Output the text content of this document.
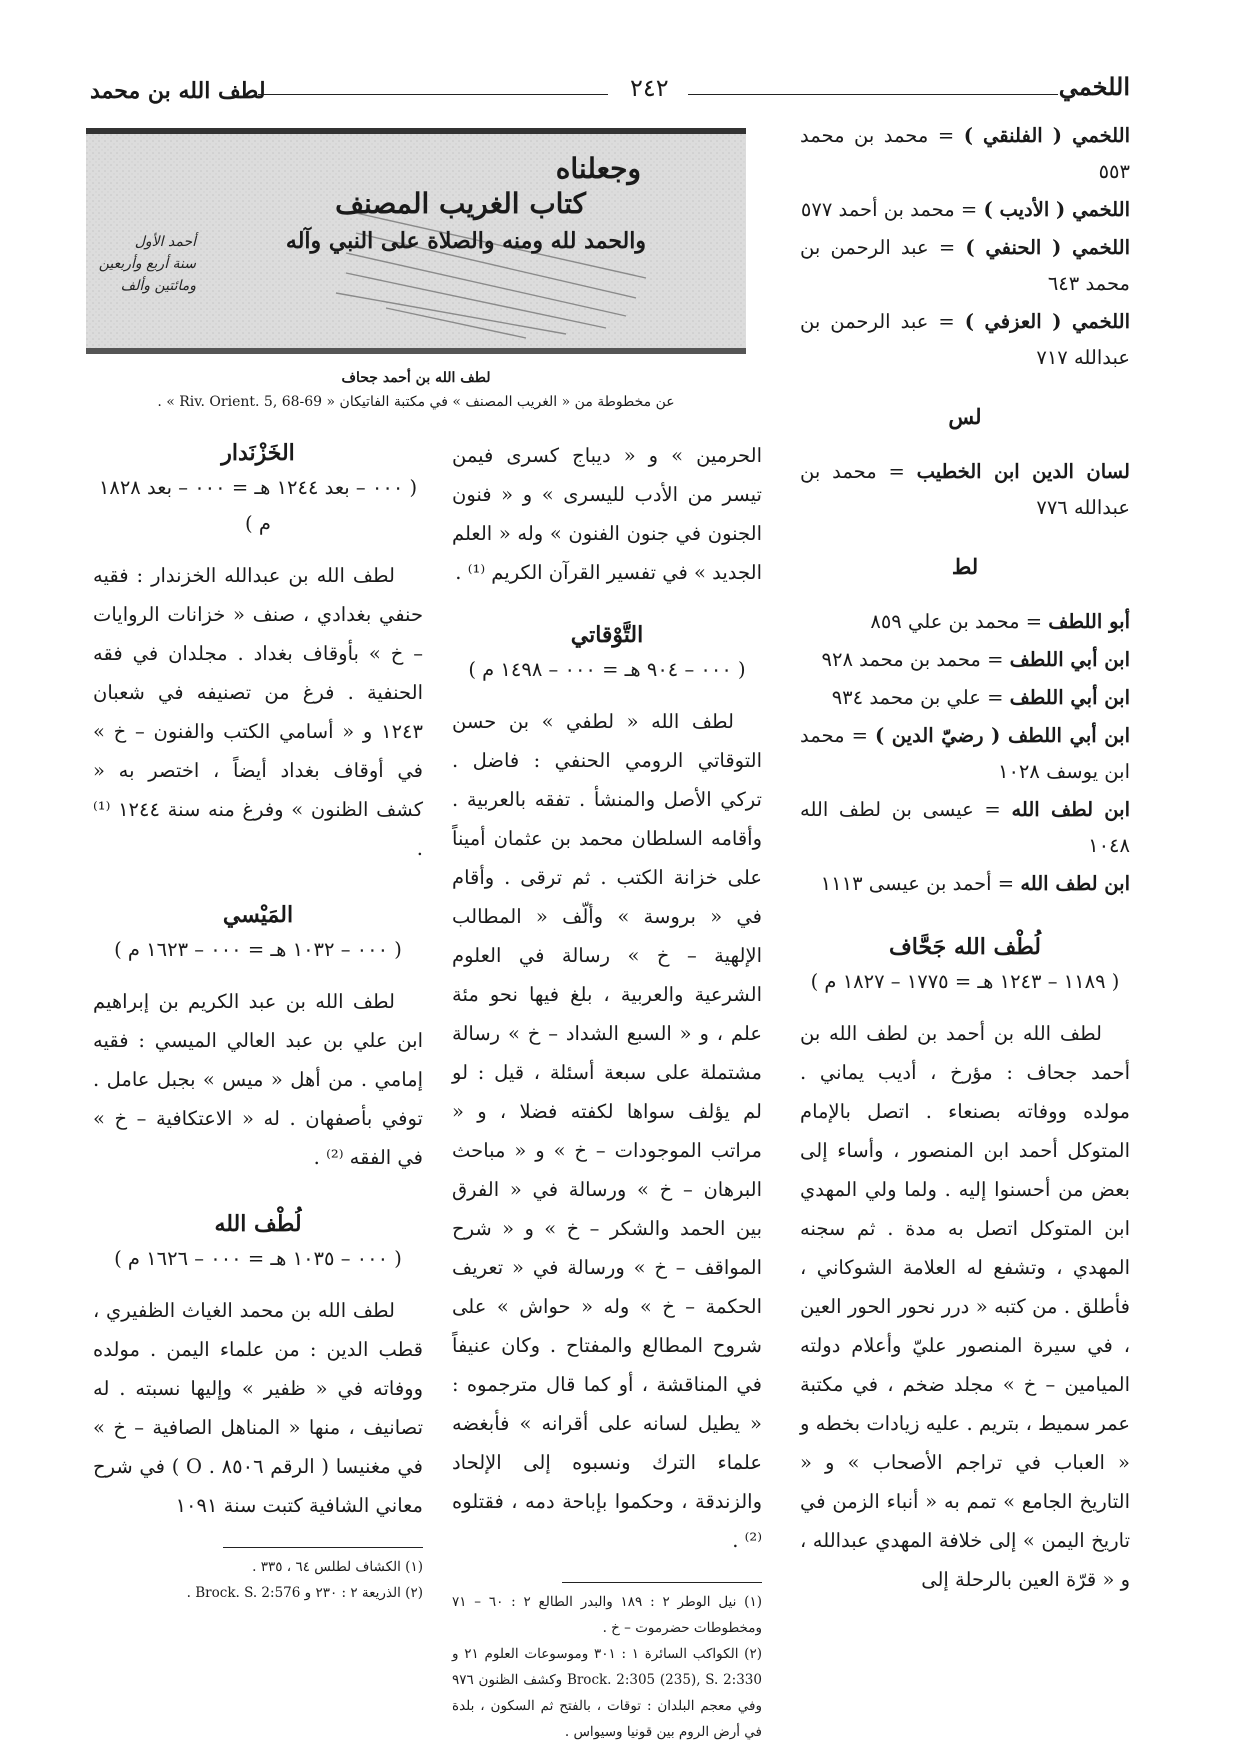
لطف الله بن محمد	٢٤٢	اللخمي
وجعلناه
كتاب الغريب المصنف
والحمد لله ومنه والصلاة على النبي وآله
أحمد الأول
سنة أربع وأربعين
ومائتين وألف
لطف الله بن أحمد جحاف
عن مخطوطة من « الغريب المصنف » في مكتبة الفاتيكان « Riv. Orient. 5, 68-69 » .
اللخمي ( الفلنقي ) = محمد بن محمد ٥٥٣
اللخمي ( الأديب ) = محمد بن أحمد ٥٧٧
اللخمي ( الحنفي ) = عبد الرحمن بن محمد ٦٤٣
اللخمي ( العزفي ) = عبد الرحمن بن عبدالله ٧١٧
لس
لسان الدين ابن الخطيب = محمد بن عبدالله ٧٧٦
لط
أبو اللطف = محمد بن علي ٨٥٩
ابن أبي اللطف = محمد بن محمد ٩٢٨
ابن أبي اللطف = علي بن محمد ٩٣٤
ابن أبي اللطف ( رضيّ الدين ) = محمد ابن يوسف ١٠٢٨
ابن لطف الله = عيسى بن لطف الله ١٠٤٨
ابن لطف الله = أحمد بن عيسى ١١١٣
لُطْف الله جَحَّاف
( ١١٨٩ – ١٢٤٣ هـ = ١٧٧٥ – ١٨٢٧ م )
لطف الله بن أحمد بن لطف الله بن أحمد جحاف : مؤرخ ، أديب يماني . مولده ووفاته بصنعاء . اتصل بالإمام المتوكل أحمد ابن المنصور ، وأساء إلى بعض من أحسنوا إليه . ولما ولي المهدي ابن المتوكل اتصل به مدة . ثم سجنه المهدي ، وتشفع له العلامة الشوكاني ، فأطلق . من كتبه « درر نحور الحور العين ، في سيرة المنصور عليّ وأعلام دولته الميامين – خ » مجلد ضخم ، في مكتبة عمر سميط ، بتريم . عليه زيادات بخطه و « العباب في تراجم الأصحاب » و « التاريخ الجامع » تمم به « أنباء الزمن في تاريخ اليمن » إلى خلافة المهدي عبدالله ، و « قرّة العين بالرحلة إلى
الحرمين » و « ديباج كسرى فيمن تيسر من الأدب لليسرى » و « فنون الجنون في جنون الفنون » وله « العلم الجديد » في تفسير القرآن الكريم ⁽¹⁾ .
التَّوْقاتي
( ٠٠٠ – ٩٠٤ هـ = ٠٠٠ – ١٤٩٨ م )
لطف الله « لطفي » بن حسن التوقاتي الرومي الحنفي : فاضل . تركي الأصل والمنشأ . تفقه بالعربية . وأقامه السلطان محمد بن عثمان أميناً على خزانة الكتب . ثم ترقى . وأقام في « بروسة » وألّف « المطالب الإلهية – خ » رسالة في العلوم الشرعية والعربية ، بلغ فيها نحو مئة علم ، و « السبع الشداد – خ » رسالة مشتملة على سبعة أسئلة ، قيل : لو لم يؤلف سواها لكفته فضلا ، و « مراتب الموجودات – خ » و « مباحث البرهان – خ » ورسالة في « الفرق بين الحمد والشكر – خ » و « شرح المواقف – خ » ورسالة في « تعريف الحكمة – خ » وله « حواش » على شروح المطالع والمفتاح . وكان عنيفاً في المناقشة ، أو كما قال مترجموه : « يطيل لسانه على أقرانه » فأبغضه علماء الترك ونسبوه إلى الإلحاد والزندقة ، وحكموا بإباحة دمه ، فقتلوه ⁽²⁾ .
(١) نيل الوطر ٢ : ١٨٩ والبدر الطالع ٢ : ٦٠ – ٧١ ومخطوطات حضرموت – خ .
(٢) الكواكب السائرة ١ : ٣٠١ وموسوعات العلوم ٢١ و Brock. 2:305 (235), S. 2:330 وكشف الظنون ٩٧٦ وفي معجم البلدان : توقات ، بالفتح ثم السكون ، بلدة في أرض الروم بين قونيا وسيواس .
الخَزْنَدار
( ٠٠٠ – بعد ١٢٤٤ هـ = ٠٠٠ – بعد ١٨٢٨ م )
لطف الله بن عبدالله الخزندار : فقيه حنفي بغدادي ، صنف « خزانات الروايات – خ » بأوقاف بغداد . مجلدان في فقه الحنفية . فرغ من تصنيفه في شعبان ١٢٤٣ و « أسامي الكتب والفنون – خ » في أوقاف بغداد أيضاً ، اختصر به « كشف الظنون » وفرغ منه سنة ١٢٤٤ ⁽¹⁾ .
المَيْسي
( ٠٠٠ – ١٠٣٢ هـ = ٠٠٠ – ١٦٢٣ م )
لطف الله بن عبد الكريم بن إبراهيم ابن علي بن عبد العالي الميسي : فقيه إمامي . من أهل « ميس » بجبل عامل . توفي بأصفهان . له « الاعتكافية – خ » في الفقه ⁽²⁾ .
لُطْف الله
( ٠٠٠ – ١٠٣٥ هـ = ٠٠٠ – ١٦٢٦ م )
لطف الله بن محمد الغياث الظفيري ، قطب الدين : من علماء اليمن . مولده ووفاته في « ظفير » وإليها نسبته . له تصانيف ، منها « المناهل الصافية – خ » في مغنيسا ( الرقم ٨٥٠٦ . O ) في شرح معاني الشافية كتبت سنة ١٠٩١
(١) الكشاف لطلس ٦٤ ، ٣٣٥ .
(٢) الذريعة ٢ : ٢٣٠ و Brock. S. 2:576 .
